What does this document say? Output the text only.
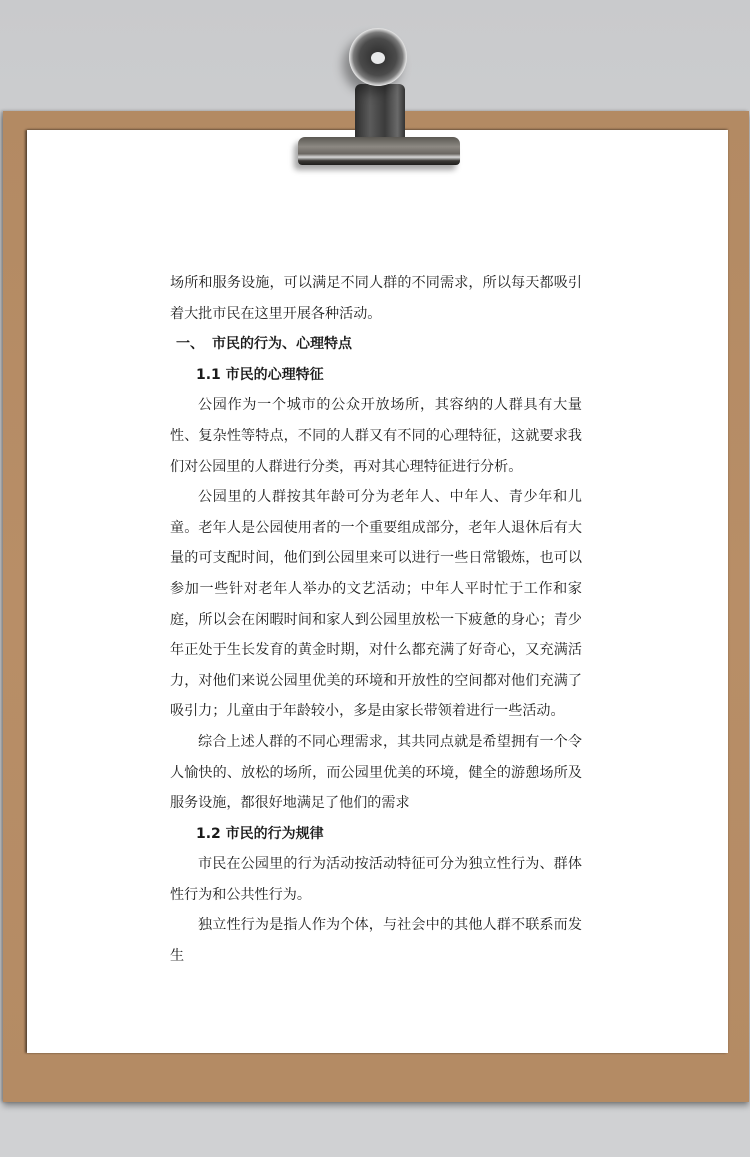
场所和服务设施，可以满足不同人群的不同需求，所以每天都吸引着大批市民在这里开展各种活动。

一、 市民的行为、心理特点

1.1 市民的心理特征

公园作为一个城市的公众开放场所，其容纳的人群具有大量性、复杂性等特点，不同的人群又有不同的心理特征，这就要求我们对公园里的人群进行分类，再对其心理特征进行分析。

公园里的人群按其年龄可分为老年人、中年人、青少年和儿童。老年人是公园使用者的一个重要组成部分，老年人退休后有大量的可支配时间，他们到公园里来可以进行一些日常锻炼，也可以参加一些针对老年人举办的文艺活动；中年人平时忙于工作和家庭，所以会在闲暇时间和家人到公园里放松一下疲惫的身心；青少年正处于生长发育的黄金时期，对什么都充满了好奇心，又充满活力，对他们来说公园里优美的环境和开放性的空间都对他们充满了吸引力；儿童由于年龄较小，多是由家长带领着进行一些活动。

综合上述人群的不同心理需求，其共同点就是希望拥有一个令人愉快的、放松的场所，而公园里优美的环境，健全的游憩场所及服务设施，都很好地满足了他们的需求

1.2 市民的行为规律

市民在公园里的行为活动按活动特征可分为独立性行为、群体性行为和公共性行为。

独立性行为是指人作为个体，与社会中的其他人群不联系而发生
